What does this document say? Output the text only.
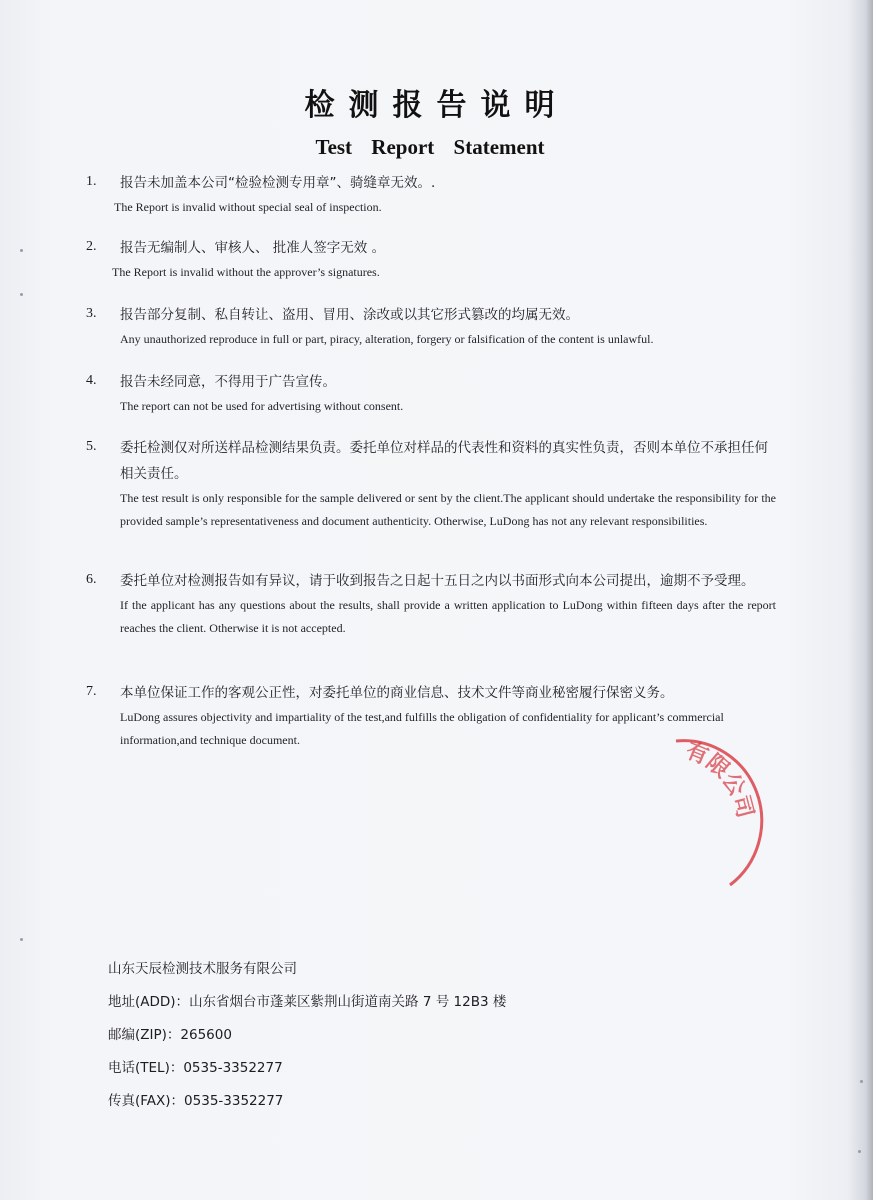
检测报告说明
Test Report Statement
1.	报告未加盖本公司“检验检测专用章”、骑缝章无效。.
The Report is invalid without special seal of inspection.
2.	报告无编制人、审核人、 批准人签字无效 。
The Report is invalid without the approver’s signatures.
3.	报告部分复制、私自转让、盗用、冒用、涂改或以其它形式篡改的均属无效。
Any unauthorized reproduce in full or part, piracy, alteration, forgery or falsification of the content is unlawful.
4.	报告未经同意，不得用于广告宣传。
The report can not be used for advertising without consent.
5.	委托检测仅对所送样品检测结果负责。委托单位对样品的代表性和资料的真实性负责，否则本单位不承担任何相关责任。
The test result is only responsible for the sample delivered or sent by the client.The applicant should undertake the responsibility for the provided sample’s representativeness and document authenticity. Otherwise, LuDong has not any relevant responsibilities.
6.	委托单位对检测报告如有异议，请于收到报告之日起十五日之内以书面形式向本公司提出，逾期不予受理。
If the applicant has any questions about the results, shall provide a written application to LuDong within fifteen days after the report reaches the client. Otherwise it is not accepted.
7.	本单位保证工作的客观公正性，对委托单位的商业信息、技术文件等商业秘密履行保密义务。
LuDong assures objectivity and impartiality of the test,and fulfills the obligation of confidentiality for applicant’s commercial information,and technique document.	有限公司
山东天辰检测技术服务有限公司
地址(ADD)：山东省烟台市蓬莱区紫荆山街道南关路 7 号 12B3 楼
邮编(ZIP)：265600
电话(TEL)：0535-3352277
传真(FAX)：0535-3352277
